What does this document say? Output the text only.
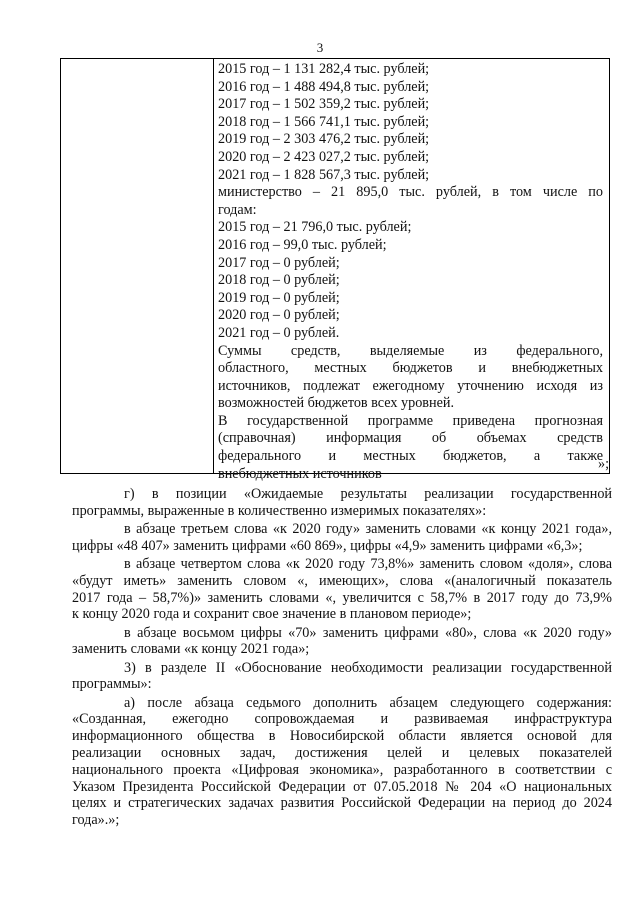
3
2015 год – 1 131 282,4 тыс. рублей;
2016 год – 1 488 494,8 тыс. рублей;
2017 год – 1 502 359,2 тыс. рублей;
2018 год – 1 566 741,1 тыс. рублей;
2019 год – 2 303 476,2 тыс. рублей;
2020 год – 2 423 027,2 тыс. рублей;
2021 год – 1 828 567,3 тыс. рублей;
министерство – 21 895,0 тыс. рублей, в том числе по
годам:
2015 год – 21 796,0 тыс. рублей;
2016 год – 99,0 тыс. рублей;
2017 год – 0 рублей;
2018 год – 0 рублей;
2019 год – 0 рублей;
2020 год – 0 рублей;
2021 год – 0 рублей.
Суммы средств, выделяемые из федерального,
областного, местных бюджетов и внебюджетных
источников, подлежат ежегодному уточнению исходя из
возможностей бюджетов всех уровней.
В государственной программе приведена прогнозная
(справочная) информация об объемах средств
федерального и местных бюджетов, а также
внебюджетных источников
»;
г) в позиции «Ожидаемые результаты реализации государственной
программы, выраженные в количественно измеримых показателях»:
в абзаце третьем слова «к 2020 году» заменить словами «к концу 2021 года»,
цифры «48 407» заменить цифрами «60 869», цифры «4,9» заменить цифрами «6,3»;
в абзаце четвертом слова «к 2020 году 73,8%» заменить словом «доля», слова
«будут иметь» заменить словом «, имеющих», слова «(аналогичный показатель
2017 года – 58,7%)» заменить словами «, увеличится с 58,7% в 2017 году до 73,9%
к концу 2020 года и сохранит свое значение в плановом периоде»;
в абзаце восьмом цифры «70» заменить цифрами «80», слова «к 2020 году»
заменить словами «к концу 2021 года»;
3) в разделе II «Обоснование необходимости реализации государственной
программы»:
а) после абзаца седьмого дополнить абзацем следующего содержания:
«Созданная, ежегодно сопровождаемая и развиваемая инфраструктура
информационного общества в Новосибирской области является основой для
реализации основных задач, достижения целей и целевых показателей
национального проекта «Цифровая экономика», разработанного в соответствии с
Указом Президента Российской Федерации от 07.05.2018 № 204 «О национальных
целях и стратегических задачах развития Российской Федерации на период до 2024
года».»;
